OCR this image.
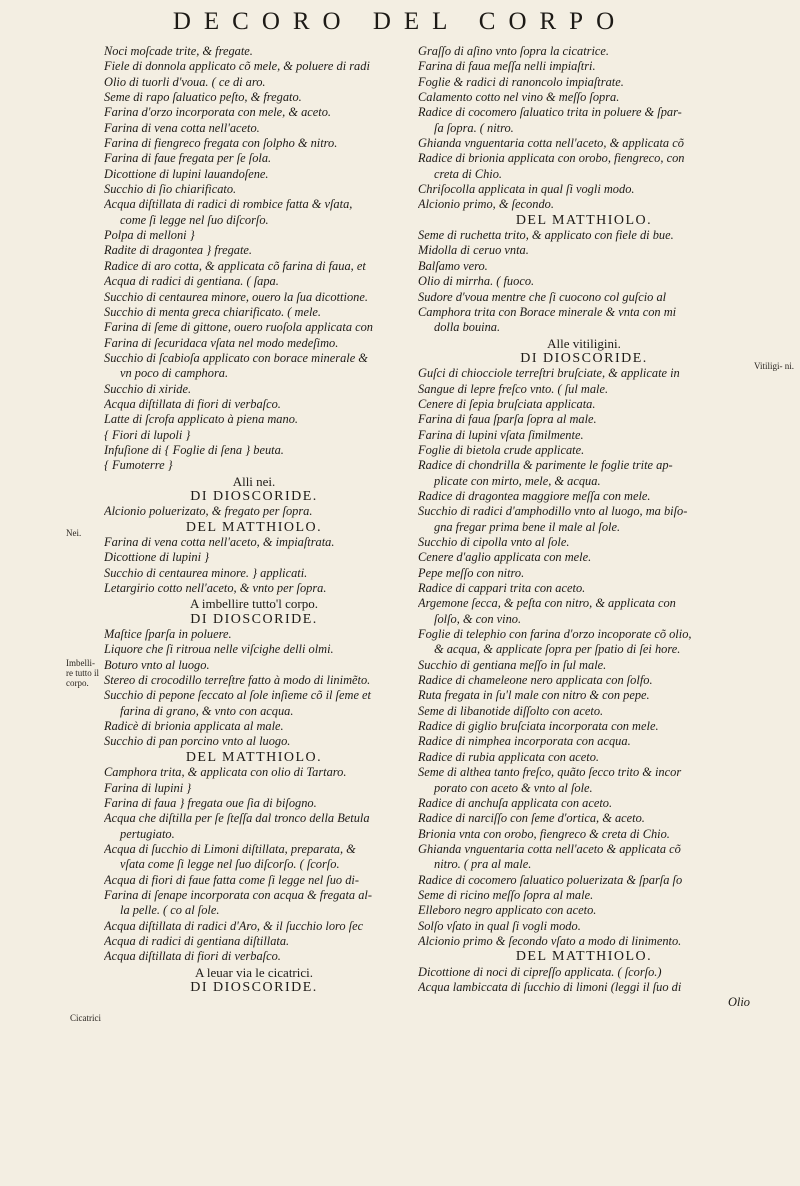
DECORO DEL CORPO
Noci moſcade trite, & fregate.
Fiele di donnola applicato cõ mele, & poluere di radi
Olio di tuorli d'voua. ( ce di aro.
Seme di rapo ſaluatico peſto, & fregato.
Farina d'orzo incorporata con mele, & aceto.
Farina di vena cotta nell'aceto.
Farina di fiengreco fregata con ſolpho & nitro.
Farina di faue fregata per ſe ſola.
Dicottione di lupini lauandoſene.
Succhio di ſio chiarificato.
Acqua diſtillata di radici di rombice fatta & vſata,
come ſi legge nel ſuo diſcorſo.
Polpa di melloni }
Radite di dragontea } fregate.
Radice di aro cotta, & applicata cõ farina di faua, et
Acqua di radici di gentiana. ( ſapa.
Succhio di centaurea minore, ouero la ſua dicottione.
Succhio di menta greca chiarificato. ( mele.
Farina di ſeme di gittone, ouero ruoſola applicata con
Farina di ſecuridaca vſata nel modo medeſimo.
Succhio di ſcabioſa applicato con borace minerale &
vn poco di camphora.
Succhio di xiride.
Acqua diſtillata di fiori di verbaſco.
Latte di ſcrofa applicato à piena mano.
{ Fiori di lupoli }
Infuſione di { Foglie di ſena } beuta.
{ Fumoterre }
Alli nei.
DI DIOSCORIDE.
Alcionio poluerizato, & fregato per ſopra.
DEL MATTHIOLO.
Farina di vena cotta nell'aceto, & impiaſtrata.
Dicottione di lupini }
Succhio di centaurea minore. } applicati.
Letargirio cotto nell'aceto, & vnto per ſopra.
A imbellire tutto'l corpo.
DI DIOSCORIDE.
Maſtice ſparſa in poluere.
Liquore che ſi ritroua nelle viſcighe delli olmi.
Boturo vnto al luogo.
Stereo di crocodillo terreſtre fatto à modo di linimẽto.
Succhio di pepone ſeccato al ſole inſieme cõ il ſeme et
farina di grano, & vnto con acqua.
Radicè di brionia applicata al male.
Succhio di pan porcino vnto al luogo.
DEL MATTHIOLO.
Camphora trita, & applicata con olio di Tartaro.
Farina di lupini }
Farina di faua } fregata oue ſia di biſogno.
Acqua che diſtilla per ſe ſteſſa dal tronco della Betula
pertugiato.
Acqua di ſucchio di Limoni diſtillata, preparata, &
vſata come ſi legge nel ſuo diſcorſo. ( ſcorſo.
Acqua di fiori di faue fatta come ſi legge nel ſuo di-
Farina di ſenape incorporata con acqua & fregata al-
la pelle. ( co al ſole.
Acqua diſtillata di radici d'Aro, & il ſucchio loro ſec
Acqua di radici di gentiana diſtillata.
Acqua diſtillata di fiori di verbaſco.
A leuar via le cicatrici.
DI DIOSCORIDE.
Graſſo di aſino vnto ſopra la cicatrice.
Farina di faua meſſa nelli impiaſtri.
Foglie & radici di ranoncolo impiaſtrate.
Calamento cotto nel vino & meſſo ſopra.
Radice di cocomero ſaluatico trita in poluere & ſpar-
ſa ſopra. ( nitro.
Ghianda vnguentaria cotta nell'aceto, & applicata cõ
Radice di brionia applicata con orobo, fiengreco, con
creta di Chio.
Chriſocolla applicata in qual ſi vogli modo.
Alcionio primo, & ſecondo.
DEL MATTHIOLO.
Seme di ruchetta trito, & applicato con fiele di bue.
Midolla di ceruo vnta.
Balſamo vero.
Olio di mirrha. ( fuoco.
Sudore d'voua mentre che ſi cuocono col guſcio al
Camphora trita con Borace minerale & vnta con mi
dolla bouina.
Alle vitiligini.
DI DIOSCORIDE.
Guſci di chiocciole terreſtri bruſciate, & applicate in
Sangue di lepre freſco vnto. ( ſul male.
Cenere di ſepia bruſciata applicata.
Farina di faua ſparſa ſopra al male.
Farina di lupini vſata ſimilmente.
Foglie di bietola crude applicate.
Radice di chondrilla & parimente le foglie trite ap-
plicate con mirto, mele, & acqua.
Radice di dragontea maggiore meſſa con mele.
Succhio di radici d'amphodillo vnto al luogo, ma biſo-
gna fregar prima bene il male al ſole.
Succhio di cipolla vnto al ſole.
Cenere d'aglio applicata con mele.
Pepe meſſo con nitro.
Radice di cappari trita con aceto.
Argemone ſecca, & peſta con nitro, & applicata con
ſolſo, & con vino.
Foglie di telephio con farina d'orzo incoporate cõ olio,
& acqua, & applicate ſopra per ſpatio di ſei hore.
Succhio di gentiana meſſo in ſul male.
Radice di chameleone nero applicata con ſolfo.
Ruta fregata in ſu'l male con nitro & con pepe.
Seme di libanotide diſſolto con aceto.
Radice di giglio bruſciata incorporata con mele.
Radice di nimphea incorporata con acqua.
Radice di rubia applicata con aceto.
Seme di althea tanto freſco, quãto ſecco trito & incor
porato con aceto & vnto al ſole.
Radice di anchuſa applicata con aceto.
Radice di narciſſo con ſeme d'ortica, & aceto.
Brionia vnta con orobo, fiengreco & creta di Chio.
Ghianda vnguentaria cotta nell'aceto & applicata cõ
nitro. ( pra al male.
Radice di cocomero ſaluatico poluerizata & ſparſa ſo
Seme di ricino meſſo ſopra al male.
Elleboro negro applicato con aceto.
Solſo vſato in qual ſi vogli modo.
Alcionio primo & ſecondo vſato a modo di linimento.
DEL MATTHIOLO.
Dicottione di noci di cipreſſo applicata. ( ſcorſo.)
Acqua lambiccata di ſucchio di limoni (leggi il ſuo di
Olio
Nei.
Imbelli- re tutto il corpo.
Cicatrici
Vitiligi- ni.
